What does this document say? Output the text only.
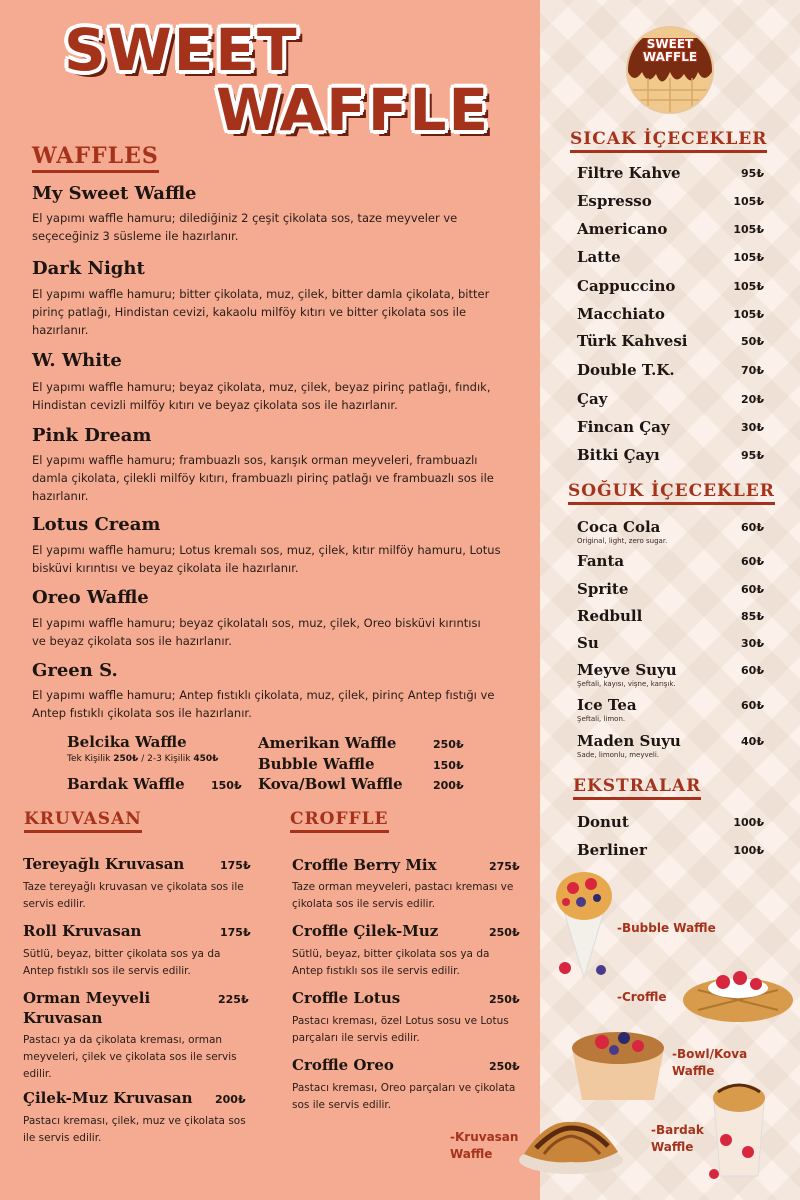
SWEET
WAFFLE
SWEET
WAFFLE
WAFFLES
My Sweet Waffle
El yapımı waffle hamuru; dilediğiniz 2 çeşit çikolata sos, taze meyveler ve seçeceğiniz 3 süsleme ile hazırlanır.
Dark Night
El yapımı waffle hamuru; bitter çikolata, muz, çilek, bitter damla çikolata, bitter pirinç patlağı, Hindistan cevizi, kakaolu milföy kıtırı ve bitter çikolata sos ile hazırlanır.
W. White
El yapımı waffle hamuru; beyaz çikolata, muz, çilek, beyaz pirinç patlağı, fındık, Hindistan cevizli milföy kıtırı ve beyaz çikolata sos ile hazırlanır.
Pink Dream
El yapımı waffle hamuru; frambuazlı sos, karışık orman meyveleri, frambuazlı damla çikolata, çilekli milföy kıtırı, frambuazlı pirinç patlağı ve frambuazlı sos ile hazırlanır.
Lotus Cream
El yapımı waffle hamuru; Lotus kremalı sos, muz, çilek, kıtır milföy hamuru, Lotus bisküvi kırıntısı ve beyaz çikolata ile hazırlanır.
Oreo Waffle
El yapımı waffle hamuru; beyaz çikolatalı sos, muz, çilek, Oreo bisküvi kırıntısı ve beyaz çikolata sos ile hazırlanır.
Green S.
El yapımı waffle hamuru; Antep fıstıklı çikolata, muz, çilek, pirinç Antep fıstığı ve Antep fıstıklı çikolata sos ile hazırlanır.
Belcika Waffle
Tek Kişilik 250₺ / 2-3 Kişilik 450₺
Bardak Waffle 150₺
Amerikan Waffle	250₺
Bubble Waffle	150₺
Kova/Bowl Waffle	200₺
KRUVASAN
Tereyağlı Kruvasan	175₺
Taze tereyağlı kruvasan ve çikolata sos ile servis edilir.
Roll Kruvasan	175₺
Sütlü, beyaz, bitter çikolata sos ya da Antep fıstıklı sos ile servis edilir.
Orman Meyveli
Kruvasan
225₺
Pastacı ya da çikolata kreması, orman meyveleri, çilek ve çikolata sos ile servis edilir.
Çilek-Muz Kruvasan 200₺
Pastacı kreması, çilek, muz ve çikolata sos ile servis edilir.
CROFFLE
Croffle Berry Mix	275₺
Taze orman meyveleri, pastacı kreması ve çikolata sos ile servis edilir.
Croffle Çilek-Muz	250₺
Sütlü, beyaz, bitter çikolata sos ya da Antep fıstıklı sos ile servis edilir.
Croffle Lotus	250₺
Pastacı kreması, özel Lotus sosu ve Lotus parçaları ile servis edilir.
Croffle Oreo	250₺
Pastacı kreması, Oreo parçaları ve çikolata sos ile servis edilir.
-Kruvasan
Waffle
SICAK İÇECEKLER
Filtre Kahve	95₺
Espresso	105₺
Americano	105₺
Latte	105₺
Cappuccino	105₺
Macchiato	105₺
Türk Kahvesi	50₺
Double T.K.	70₺
Çay	20₺
Fincan Çay	30₺
Bitki Çayı	95₺
SOĞUK İÇECEKLER
Coca Cola	60₺
Original, light, zero sugar.
Fanta	60₺
Sprite	60₺
Redbull	85₺
Su	30₺
Meyve Suyu	60₺
Şeftali, kayısı, vişne, karışık.
Ice Tea	60₺
Şeftali, limon.
Maden Suyu	40₺
Sade, limonlu, meyveli.
EKSTRALAR
Donut	100₺
Berliner	100₺
-Bubble Waffle
-Croffle
-Bowl/Kova
Waffle
-Bardak
Waffle
